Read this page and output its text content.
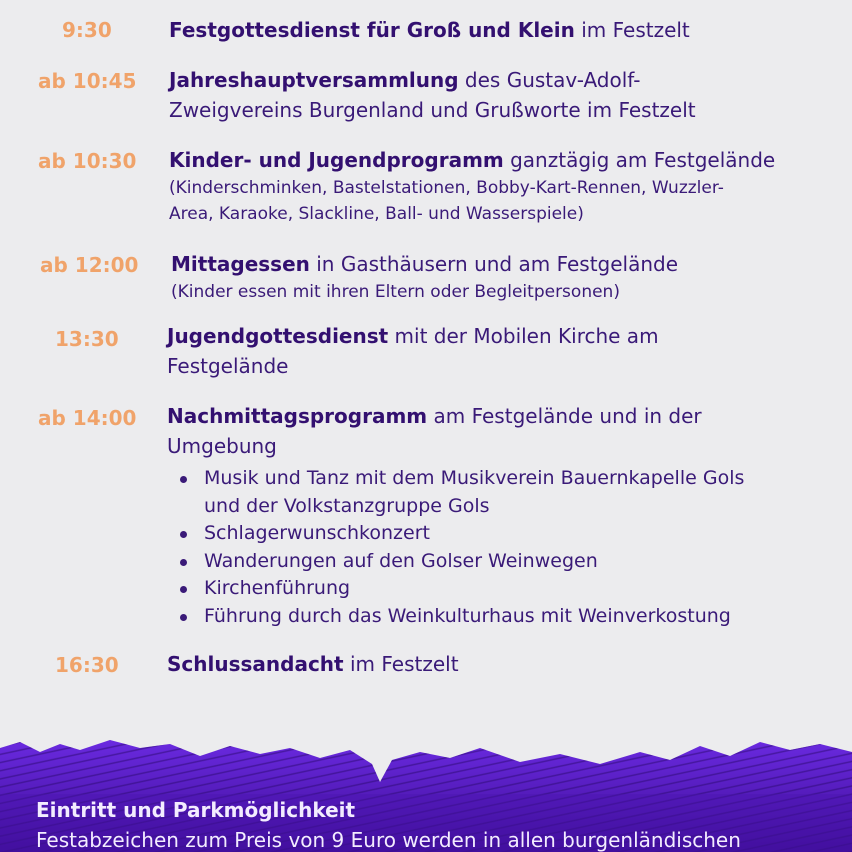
9:30	Festgottesdienst für Groß und Klein im Festzelt
ab 10:45 Jahreshauptversammlung des Gustav-Adolf-Zweigvereins Burgenland und Grußworte im Festzelt
ab 10:30 Kinder- und Jugendprogramm ganztägig am Festgelände
(Kinderschminken, Bastelstationen, Bobby-Kart-Rennen, Wuzzler-Area, Karaoke, Slackline, Ball- und Wasserspiele)
ab 12:00 Mittagessen in Gasthäusern und am Festgelände
(Kinder essen mit ihren Eltern oder Begleitpersonen)
13:30 Jugendgottesdienst mit der Mobilen Kirche am Festgelände
ab 14:00 Nachmittagsprogramm am Festgelände und in der Umgebung
Musik und Tanz mit dem Musikverein Bauernkapelle Gols und der Volkstanzgruppe Gols
Schlagerwunschkonzert
Wanderungen auf den Golser Weinwegen
Kirchenführung
Führung durch das Weinkulturhaus mit Weinverkostung
16:30 Schlussandacht im Festzelt
Eintritt und Parkmöglichkeit
Festabzeichen zum Preis von 9 Euro werden in allen burgenländischen
